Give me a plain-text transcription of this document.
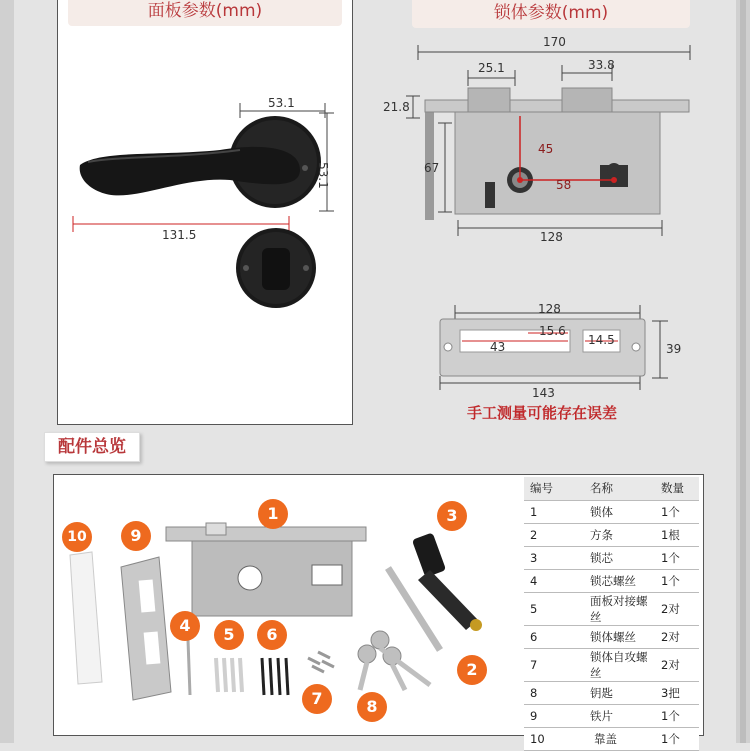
面板参数(mm)	锁体参数(mm)
53.1
53.1
131.5
170
25.1	33.8
21.8
67
45
58
128
128
15.6
43	14.5
39
143
手工测量可能存在误差
配件总览
1
2
3
4	5	6
7	8
9
10
编号	名称	数量
1	锁体	1个
2	方条	1根
3	锁芯	1个
4	锁芯螺丝	1个
5	面板对接螺丝	2对
6	锁体螺丝	2对
7	锁体自攻螺丝	2对
8	钥匙	3把
9	铁片	1个
10	靠盖	1个
